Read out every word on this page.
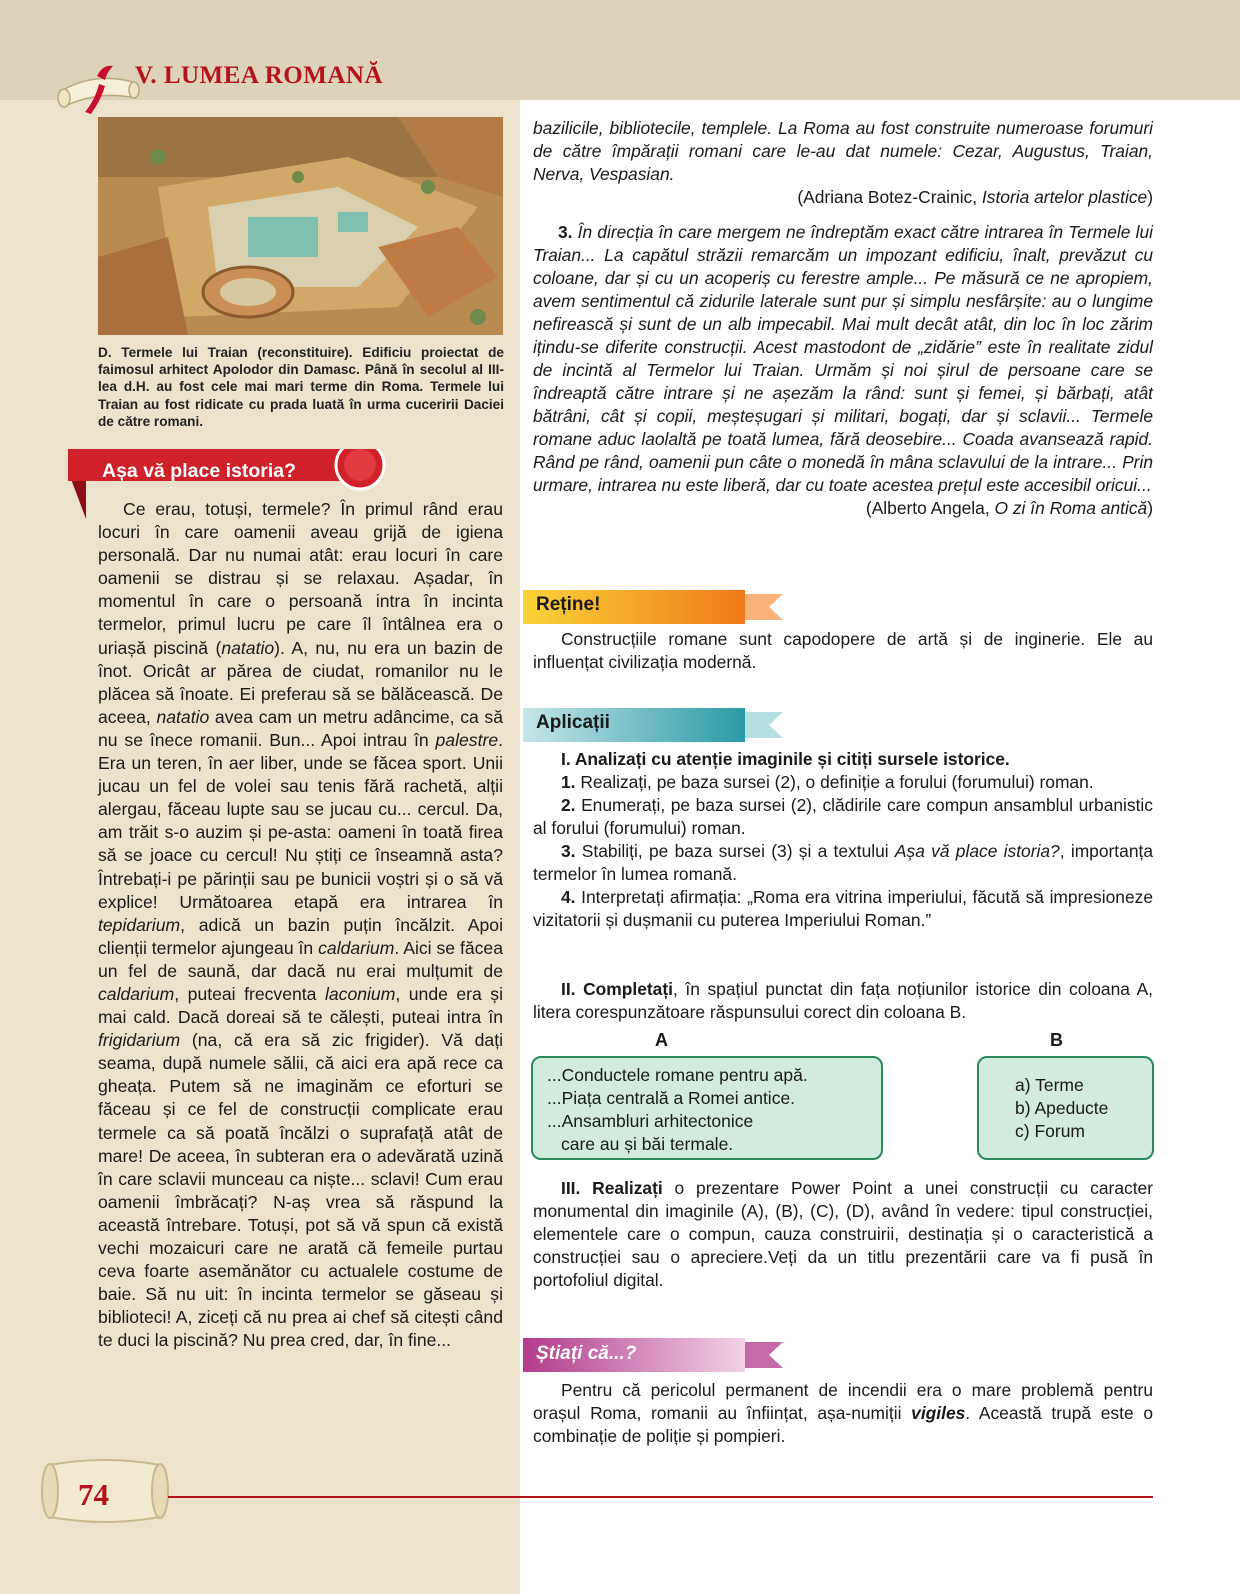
V. LUMEA ROMANĂ

D. Termele lui Traian (reconstituire). Edificiu proiectat de faimosul arhitect Apolodor din Damasc. Până în secolul al III-lea d.H. au fost cele mai mari terme din Roma. Termele lui Traian au fost ridicate cu prada luată în urma cuceririi Daciei de către romani.

Așa vă place istoria?

Ce erau, totuși, termele? În primul rând erau locuri în care oamenii aveau grijă de igiena personală. Dar nu numai atât: erau locuri în care oamenii se distrau și se relaxau. Așadar, în momentul în care o persoană intra în incinta termelor, primul lucru pe care îl întâlnea era o uriașă piscină (natatio). A, nu, nu era un bazin de înot. Oricât ar părea de ciudat, romanilor nu le plăcea să înoate. Ei preferau să se bălăcească. De aceea, natatio avea cam un metru adâncime, ca să nu se înece romanii. Bun... Apoi intrau în palestre. Era un teren, în aer liber, unde se făcea sport. Unii jucau un fel de volei sau tenis fără rachetă, alții alergau, făceau lupte sau se jucau cu... cercul. Da, am trăit s-o auzim și pe-asta: oameni în toată firea să se joace cu cercul! Nu știți ce înseamnă asta? Întrebați-i pe părinții sau pe bunicii voștri și o să vă explice! Următoarea etapă era intrarea în tepidarium, adică un bazin puțin încălzit. Apoi clienții termelor ajungeau în caldarium. Aici se făcea un fel de saună, dar dacă nu erai mulțumit de caldarium, puteai frecventa laconium, unde era și mai cald. Dacă doreai să te călești, puteai intra în frigidarium (na, că era să zic frigider). Vă dați seama, după numele sălii, că aici era apă rece ca gheața. Putem să ne imaginăm ce eforturi se făceau și ce fel de construcții complicate erau termele ca să poată încălzi o suprafață atât de mare! De aceea, în subteran era o adevărată uzină în care sclavii munceau ca niște... sclavi! Cum erau oamenii îmbrăcați? N-aș vrea să răspund la această întrebare. Totuși, pot să vă spun că există vechi mozaicuri care ne arată că femeile purtau ceva foarte asemănător cu actualele costume de baie. Să nu uit: în incinta termelor se găseau și biblioteci! A, ziceți că nu prea ai chef să citești când te duci la piscină? Nu prea cred, dar, în fine...

bazilicile, bibliotecile, templele. La Roma au fost construite numeroase forumuri de către împărații romani care le-au dat numele: Cezar, Augustus, Traian, Nerva, Vespasian.

(Adriana Botez-Crainic, Istoria artelor plastice)

3. În direcția în care mergem ne îndreptăm exact către intrarea în Termele lui Traian... La capătul străzii remarcăm un impozant edificiu, înalt, prevăzut cu coloane, dar și cu un acoperiș cu ferestre ample... Pe măsură ce ne apropiem, avem sentimentul că zidurile laterale sunt pur și simplu nesfârșite: au o lungime nefirească și sunt de un alb impecabil. Mai mult decât atât, din loc în loc zărim ițindu-se diferite construcții. Acest mastodont de „zidărie” este în realitate zidul de incintă al Termelor lui Traian. Urmăm și noi șirul de persoane care se îndreaptă către intrare și ne așezăm la rând: sunt și femei, și bărbați, atât bătrâni, cât și copii, meșteșugari și militari, bogați, dar și sclavii... Termele romane aduc laolaltă pe toată lumea, fără deosebire... Coada avansează rapid. Rând pe rând, oamenii pun câte o monedă în mâna sclavului de la intrare... Prin urmare, intrarea nu este liberă, dar cu toate acestea prețul este accesibil oricui...

(Alberto Angela, O zi în Roma antică)

Reține!

Construcțiile romane sunt capodopere de artă și de inginerie. Ele au influențat civilizația modernă.

Aplicații

I. Analizați cu atenție imaginile și citiți sursele istorice.

1. Realizați, pe baza sursei (2), o definiție a forului (forumului) roman.

2. Enumerați, pe baza sursei (2), clădirile care compun ansamblul urbanistic al forului (forumului) roman.

3. Stabiliți, pe baza sursei (3) și a textului Așa vă place istoria?, importanța termelor în lumea romană.

4. Interpretați afirmația: „Roma era vitrina imperiului, făcută să impresioneze vizitatorii și dușmanii cu puterea Imperiului Roman.”

II. Completați, în spațiul punctat din fața noțiunilor istorice din coloana A, litera corespunzătoare răspunsului corect din coloana B.

A	B

...Conductele romane pentru apă.

...Piața centrală a Romei antice.

...Ansambluri arhitectonice

care au și băi termale.

a) Terme

b) Apeducte

c) Forum

III. Realizați o prezentare Power Point a unei construcții cu caracter monumental din imaginile (A), (B), (C), (D), având în vedere: tipul construcției, elementele care o compun, cauza construirii, destinația și o caracteristică a construcției sau o apreciere.Veți da un titlu prezentării care va fi pusă în portofoliul digital.

Știați că...?

Pentru că pericolul permanent de incendii era o mare problemă pentru orașul Roma, romanii au înființat, așa-numiții vigiles. Această trupă este o combinație de poliție și pompieri.

74
